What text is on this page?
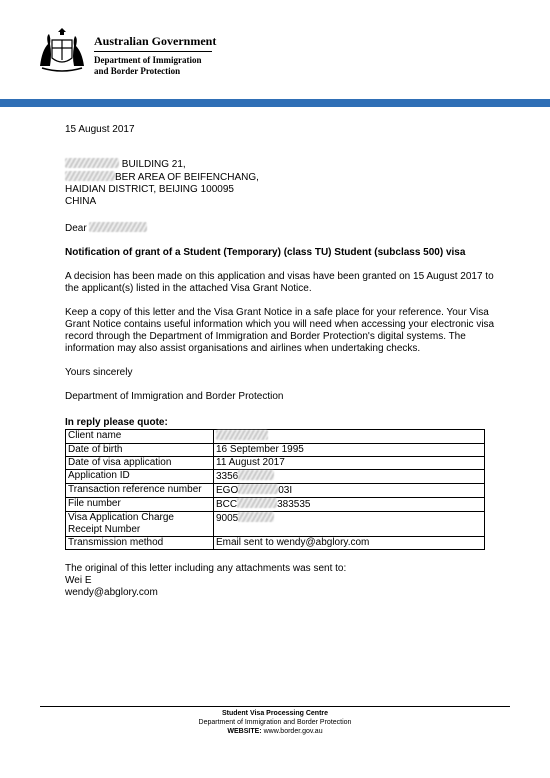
Australian Government
Department of Immigration
and Border Protection
15 August 2017
BUILDING 21,
BER AREA OF BEIFENCHANG,
HAIDIAN DISTRICT, BEIJING 100095
CHINA
Dear
Notification of grant of a Student (Temporary) (class TU) Student (subclass 500) visa
A decision has been made on this application and visas have been granted on 15 August 2017 to the applicant(s) listed in the attached Visa Grant Notice.
Keep a copy of this letter and the Visa Grant Notice in a safe place for your reference. Your Visa Grant Notice contains useful information which you will need when accessing your electronic visa record through the Department of Immigration and Border Protection's digital systems. The information may also assist organisations and airlines when undertaking checks.
Yours sincerely
Department of Immigration and Border Protection
In reply please quote:
Client name	
Date of birth	16 September 1995
Date of visa application	11 August 2017
Application ID	3356
Transaction reference number	EGO 03I
File number	BCC 383535

Visa Application Charge
Receipt Number	9005
Transmission method	Email sent to wendy@abglory.com
The original of this letter including any attachments was sent to:
Wei E
wendy@abglory.com
Student Visa Processing Centre
Department of Immigration and Border Protection
WEBSITE: www.border.gov.au
